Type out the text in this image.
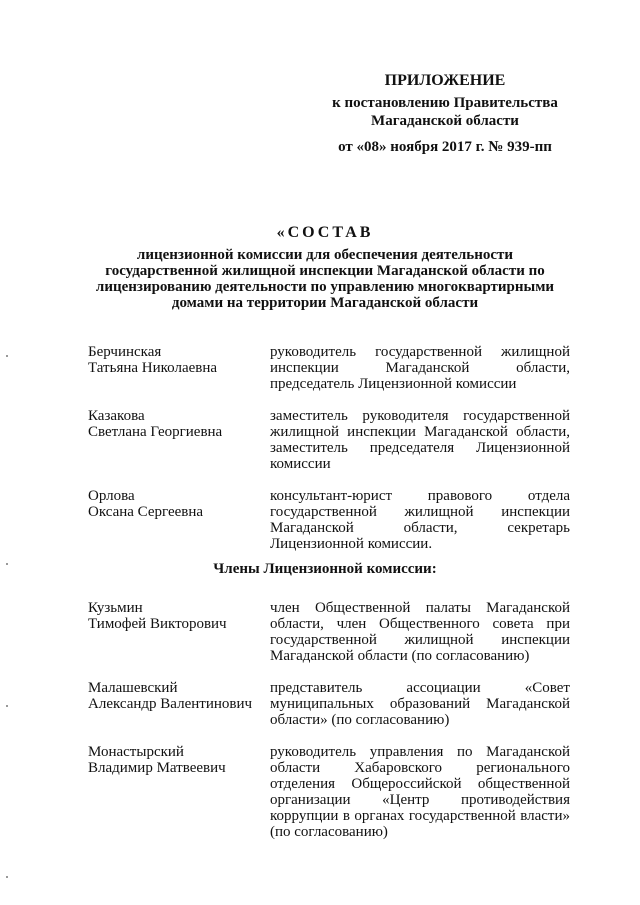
ПРИЛОЖЕНИЕ
к постановлению Правительства
Магаданской области
от «08» ноября 2017 г. № 939-пп
«СОСТАВ
лицензионной комиссии для обеспечения деятельности
государственной жилищной инспекции Магаданской области по
лицензированию деятельности по управлению многоквартирными
домами на территории Магаданской области
Берчинская
Татьяна Николаевна
руководитель государственной жилищной инспекции Магаданской области, председатель Лицензионной комиссии
Казакова
Светлана Георгиевна
заместитель руководителя государственной жилищной инспекции Магаданской области, заместитель председателя Лицензионной комиссии
Орлова
Оксана Сергеевна
консультант-юрист правового отдела государственной жилищной инспекции Магаданской области, секретарь Лицензионной комиссии.
Члены Лицензионной комиссии:
Кузьмин
Тимофей Викторович
член Общественной палаты Магаданской области, член Общественного совета при государственной жилищной инспекции Магаданской области (по согласованию)
Малашевский
Александр Валентинович
представитель ассоциации «Совет муниципальных образований Магаданской области» (по согласованию)
Монастырский
Владимир Матвеевич
руководитель управления по Магаданской области Хабаровского регионального отделения Общероссийской общественной организации «Центр противодействия коррупции в органах государственной власти» (по согласованию)
